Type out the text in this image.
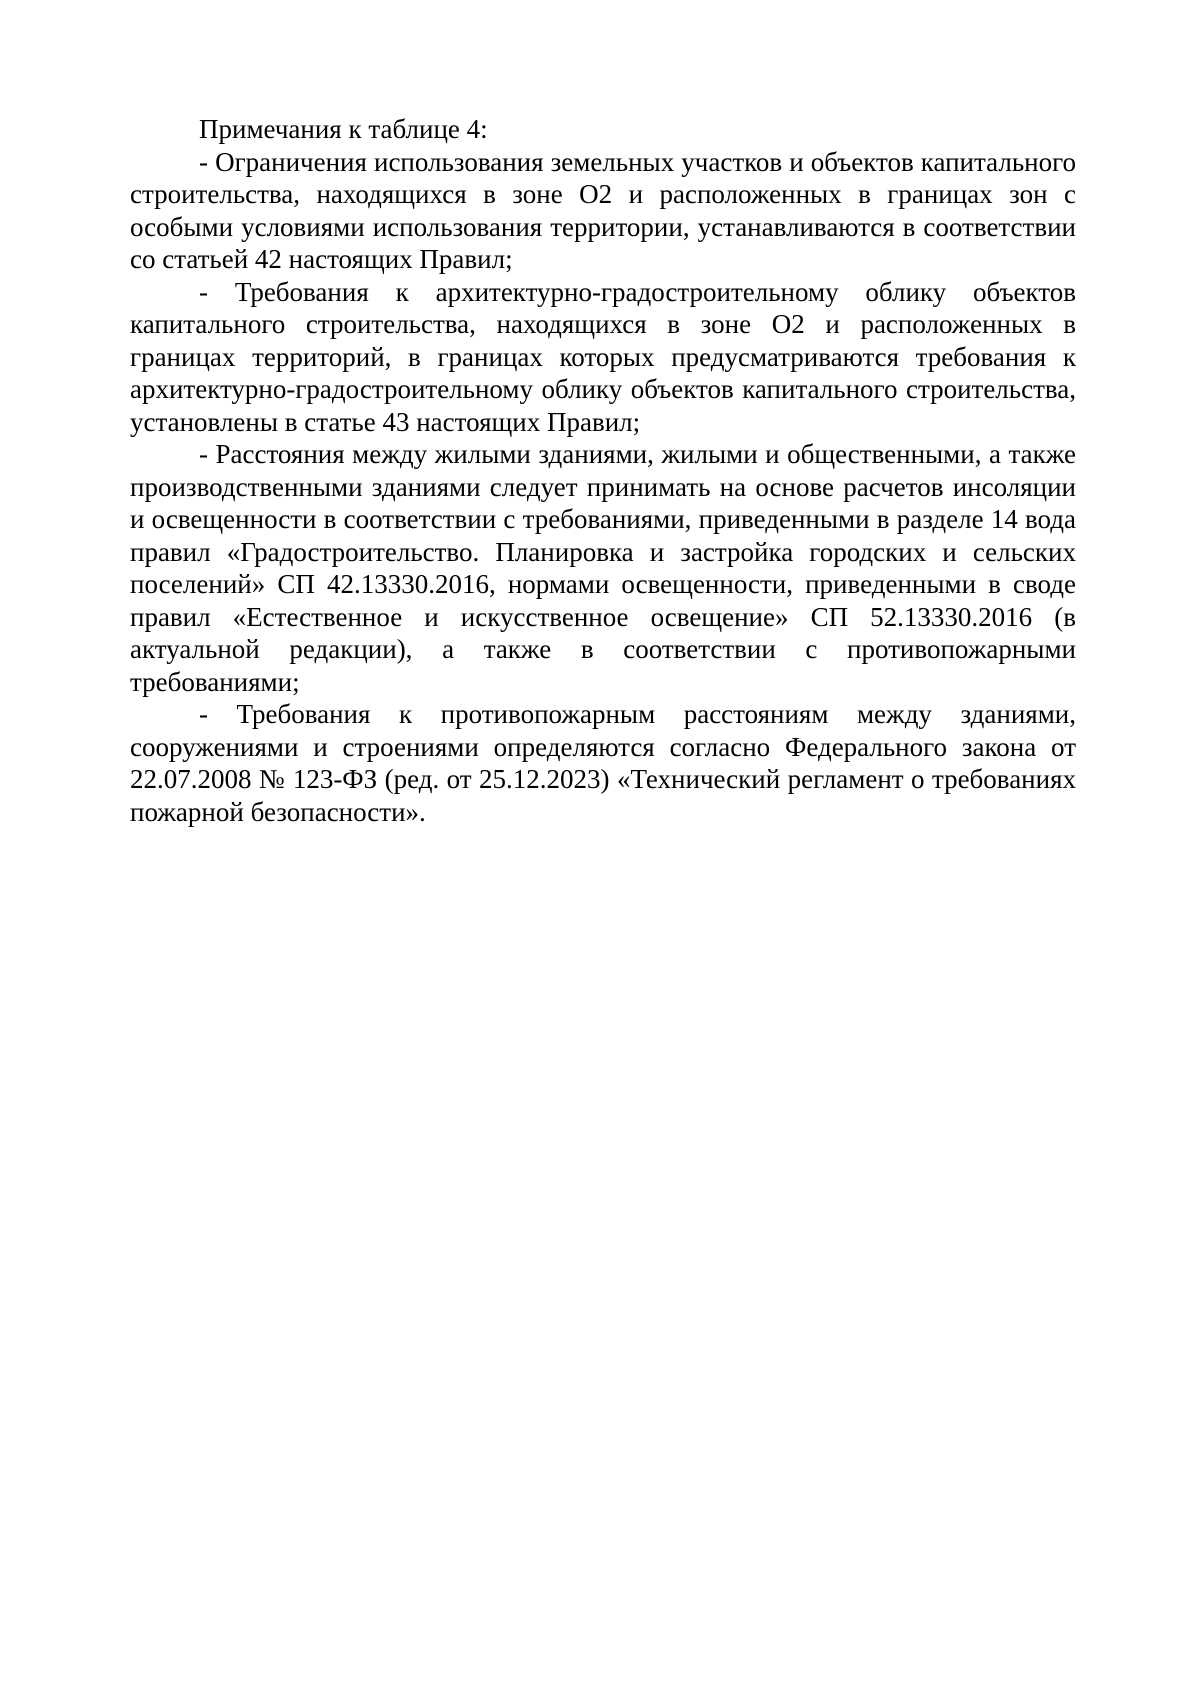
Примечания к таблице 4:

- Ограничения использования земельных участков и объектов капитального строительства, находящихся в зоне О2 и расположенных в границах зон с особыми условиями использования территории, устанавливаются в соответствии со статьей 42 настоящих Правил;

- Требования к архитектурно-градостроительному облику объектов капитального строительства, находящихся в зоне О2 и расположенных в границах территорий, в границах которых предусматриваются требования к архитектурно-градостроительному облику объектов капитального строительства, установлены в статье 43 настоящих Правил;

- Расстояния между жилыми зданиями, жилыми и общественными, а также производственными зданиями следует принимать на основе расчетов инсоляции и освещенности в соответствии с требованиями, приведенными в разделе 14 вода правил «Градостроительство. Планировка и застройка городских и сельских поселений» СП 42.13330.2016, нормами освещенности, приведенными в своде правил «Естественное и искусственное освещение» СП 52.13330.2016 (в актуальной редакции), а также в соответствии с противопожарными требованиями;

- Требования к противопожарным расстояниям между зданиями, сооружениями и строениями определяются согласно Федерального закона от 22.07.2008 № 123-ФЗ (ред. от 25.12.2023) «Технический регламент о требованиях пожарной безопасности».
